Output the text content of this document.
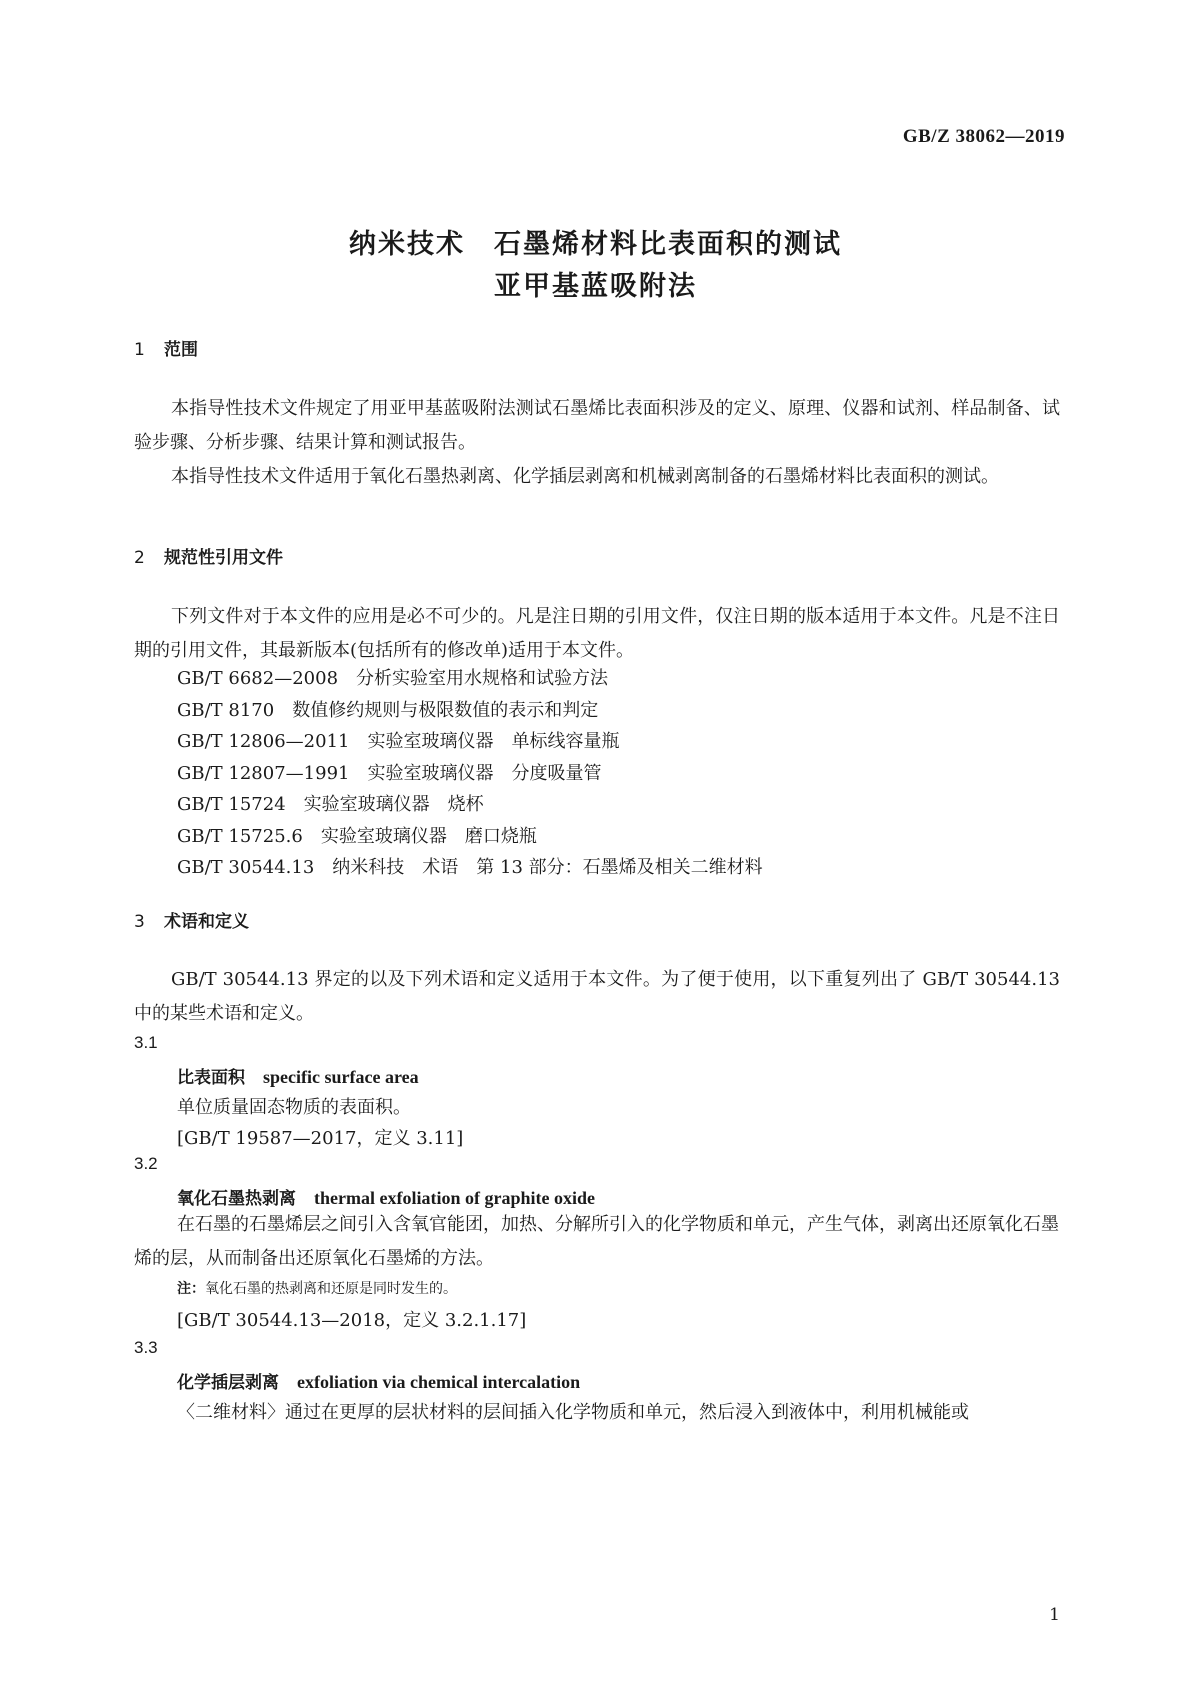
GB/Z 38062—2019

纳米技术　石墨烯材料比表面积的测试

亚甲基蓝吸附法

1 范围

本指导性技术文件规定了用亚甲基蓝吸附法测试石墨烯比表面积涉及的定义、原理、仪器和试剂、样品制备、试验步骤、分析步骤、结果计算和测试报告。

本指导性技术文件适用于氧化石墨热剥离、化学插层剥离和机械剥离制备的石墨烯材料比表面积的测试。

2 规范性引用文件

下列文件对于本文件的应用是必不可少的。凡是注日期的引用文件，仅注日期的版本适用于本文件。凡是不注日期的引用文件，其最新版本(包括所有的修改单)适用于本文件。

GB/T 6682—2008　分析实验室用水规格和试验方法
GB/T 8170　数值修约规则与极限数值的表示和判定
GB/T 12806—2011　实验室玻璃仪器　单标线容量瓶
GB/T 12807—1991　实验室玻璃仪器　分度吸量管
GB/T 15724　实验室玻璃仪器　烧杯
GB/T 15725.6　实验室玻璃仪器　磨口烧瓶
GB/T 30544.13　纳米科技　术语　第 13 部分：石墨烯及相关二维材料
3 术语和定义

GB/T 30544.13 界定的以及下列术语和定义适用于本文件。为了便于使用，以下重复列出了 GB/T 30544.13 中的某些术语和定义。

3.1

比表面积 specific surface area

单位质量固态物质的表面积。

[GB/T 19587—2017，定义 3.11]

3.2

氧化石墨热剥离 thermal exfoliation of graphite oxide

在石墨的石墨烯层之间引入含氧官能团，加热、分解所引入的化学物质和单元，产生气体，剥离出还原氧化石墨烯的层，从而制备出还原氧化石墨烯的方法。

注：氧化石墨的热剥离和还原是同时发生的。

[GB/T 30544.13—2018，定义 3.2.1.17]

3.3

化学插层剥离 exfoliation via chemical intercalation

〈二维材料〉通过在更厚的层状材料的层间插入化学物质和单元，然后浸入到液体中，利用机械能或

1
